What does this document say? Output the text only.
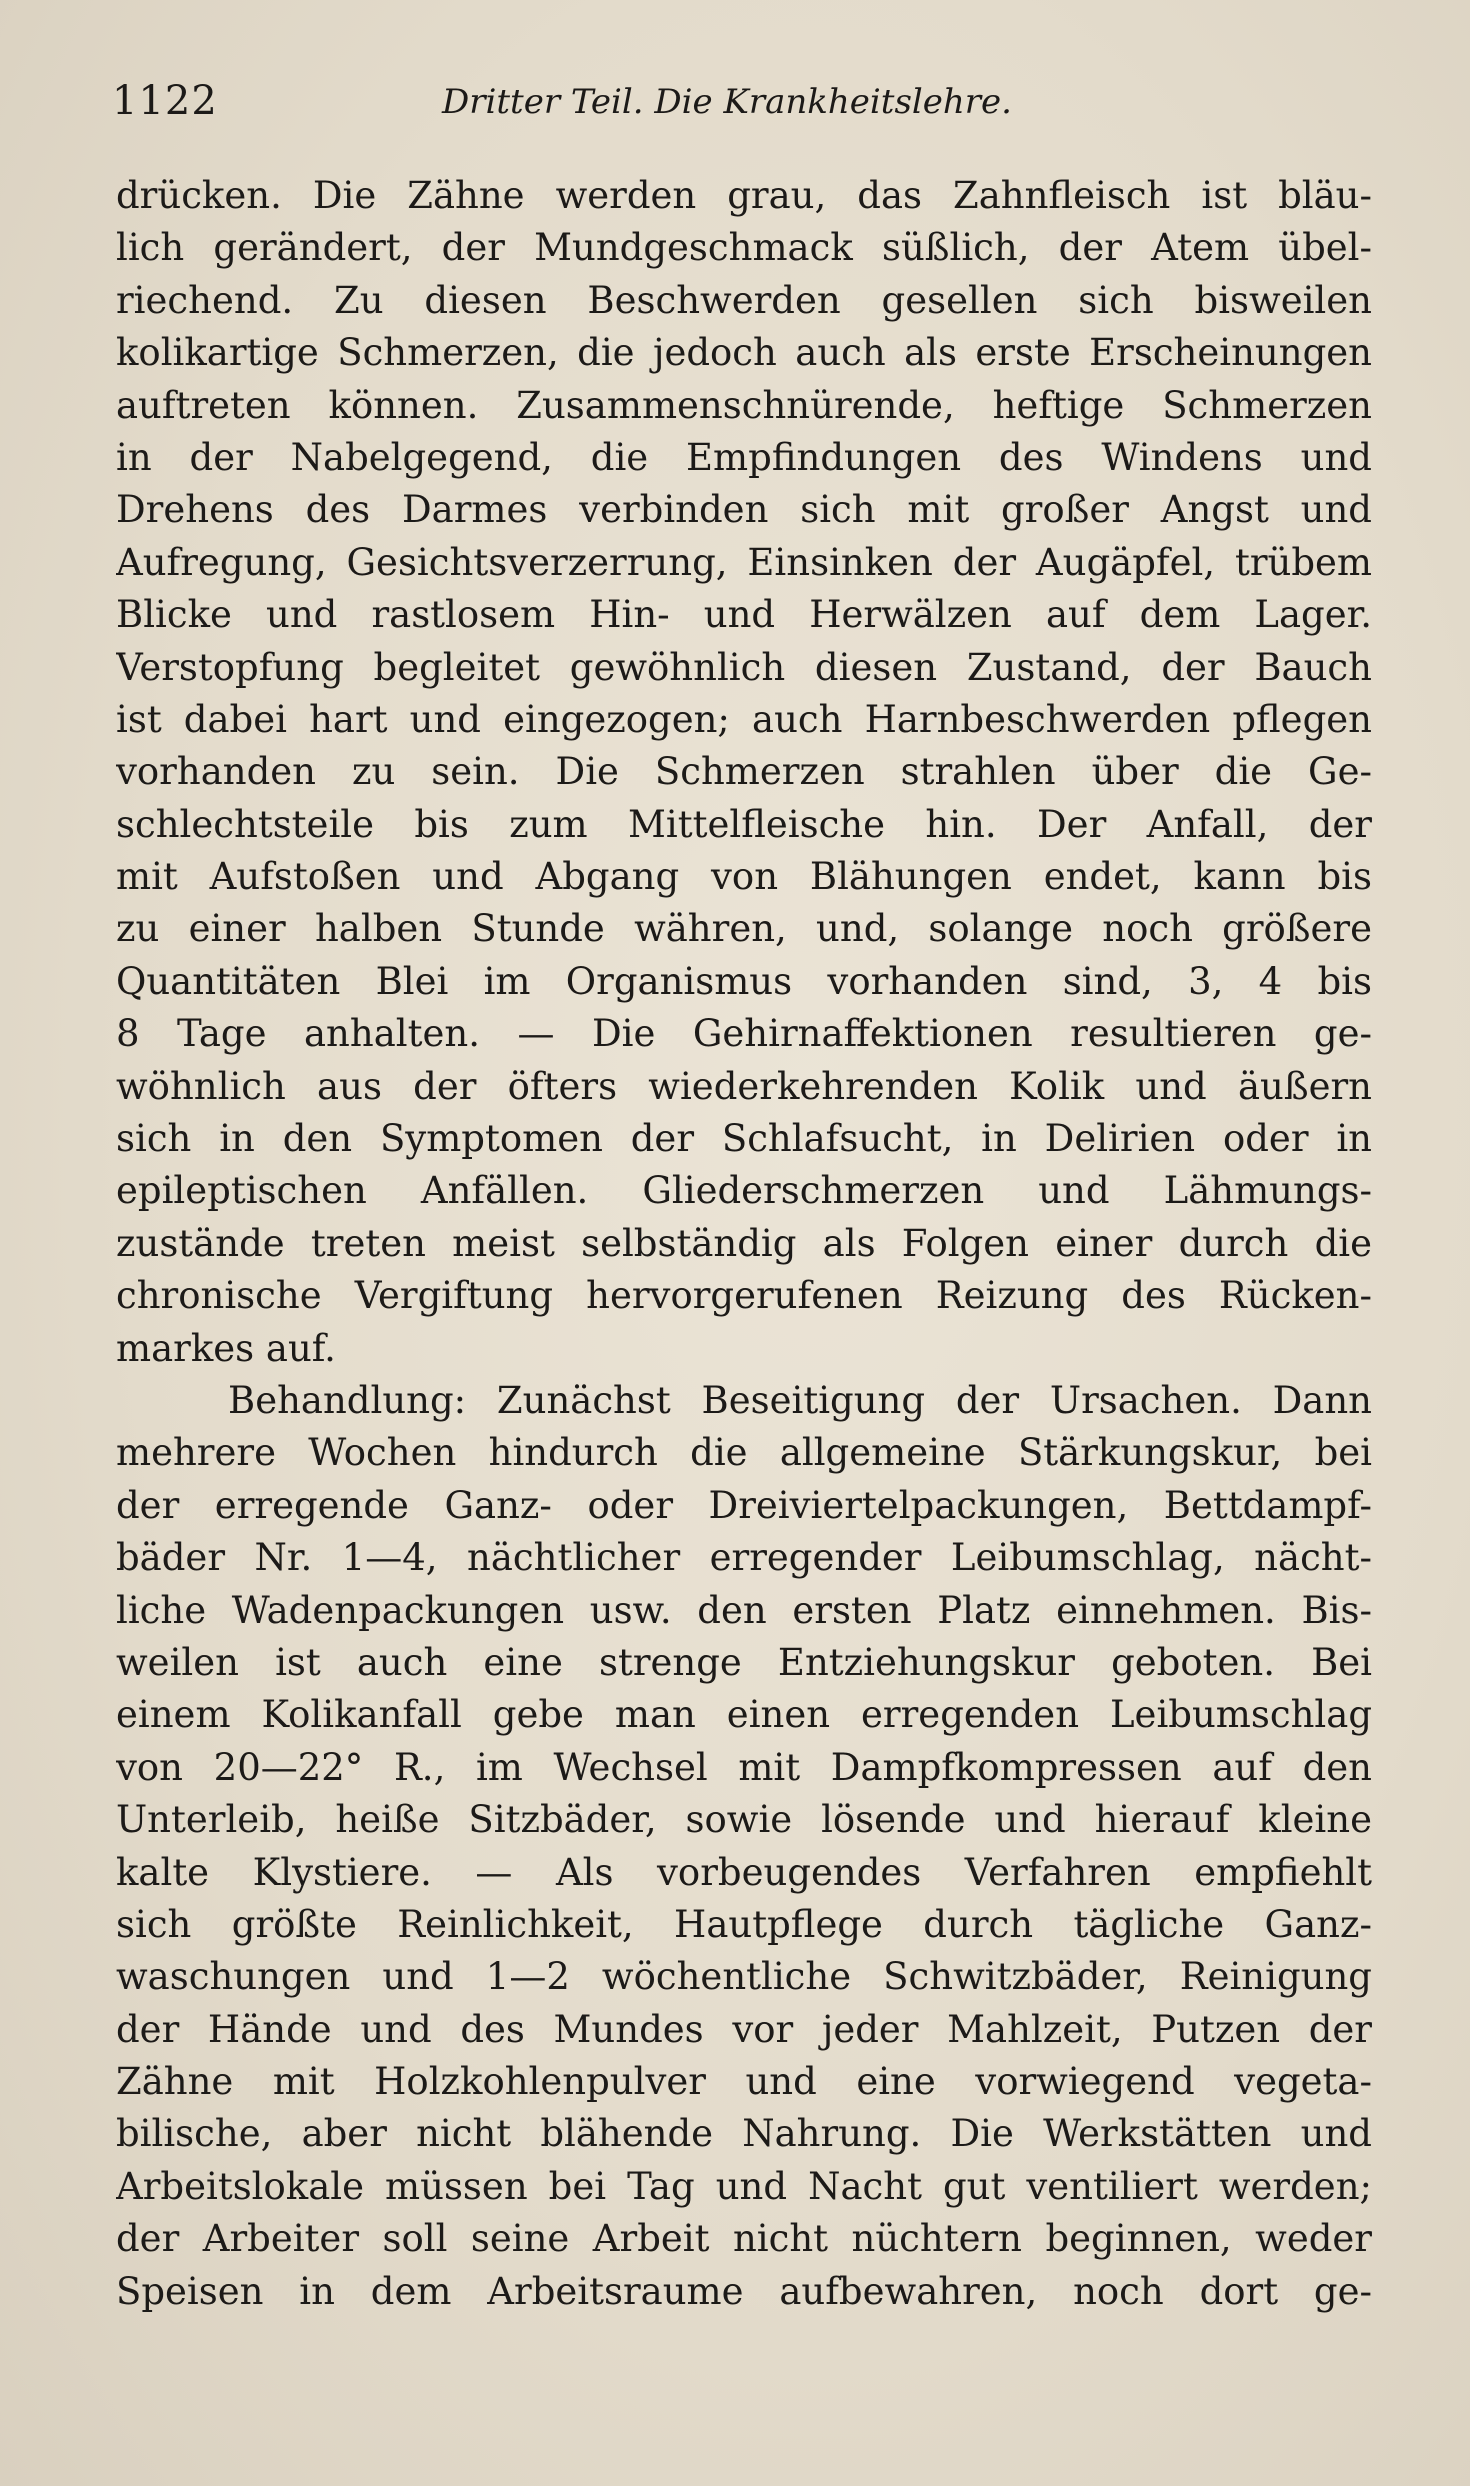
1122	Dritter Teil. Die Krankheitslehre.
drücken. Die Zähne werden grau, das Zahnfleisch ist bläu-
lich gerändert, der Mundgeschmack süßlich, der Atem übel-
riechend. Zu diesen Beschwerden gesellen sich bisweilen
kolikartige Schmerzen, die jedoch auch als erste Erscheinungen
auftreten können. Zusammenschnürende, heftige Schmerzen
in der Nabelgegend, die Empfindungen des Windens und
Drehens des Darmes verbinden sich mit großer Angst und
Aufregung, Gesichtsverzerrung, Einsinken der Augäpfel, trübem
Blicke und rastlosem Hin- und Herwälzen auf dem Lager.
Verstopfung begleitet gewöhnlich diesen Zustand, der Bauch
ist dabei hart und eingezogen; auch Harnbeschwerden pflegen
vorhanden zu sein. Die Schmerzen strahlen über die Ge-
schlechtsteile bis zum Mittelfleische hin. Der Anfall, der
mit Aufstoßen und Abgang von Blähungen endet, kann bis
zu einer halben Stunde währen, und, solange noch größere
Quantitäten Blei im Organismus vorhanden sind, 3, 4 bis
8 Tage anhalten. — Die Gehirnaffektionen resultieren ge-
wöhnlich aus der öfters wiederkehrenden Kolik und äußern
sich in den Symptomen der Schlafsucht, in Delirien oder in
epileptischen Anfällen. Gliederschmerzen und Lähmungs-
zustände treten meist selbständig als Folgen einer durch die
chronische Vergiftung hervorgerufenen Reizung des Rücken-
markes auf.
Behandlung: Zunächst Beseitigung der Ursachen. Dann
mehrere Wochen hindurch die allgemeine Stärkungskur, bei
der erregende Ganz- oder Dreiviertelpackungen, Bettdampf-
bäder Nr. 1—4, nächtlicher erregender Leibumschlag, nächt-
liche Wadenpackungen usw. den ersten Platz einnehmen. Bis-
weilen ist auch eine strenge Entziehungskur geboten. Bei
einem Kolikanfall gebe man einen erregenden Leibumschlag
von 20—22° R., im Wechsel mit Dampfkompressen auf den
Unterleib, heiße Sitzbäder, sowie lösende und hierauf kleine
kalte Klystiere. — Als vorbeugendes Verfahren empfiehlt
sich größte Reinlichkeit, Hautpflege durch tägliche Ganz-
waschungen und 1—2 wöchentliche Schwitzbäder, Reinigung
der Hände und des Mundes vor jeder Mahlzeit, Putzen der
Zähne mit Holzkohlenpulver und eine vorwiegend vegeta-
bilische, aber nicht blähende Nahrung. Die Werkstätten und
Arbeitslokale müssen bei Tag und Nacht gut ventiliert werden;
der Arbeiter soll seine Arbeit nicht nüchtern beginnen, weder
Speisen in dem Arbeitsraume aufbewahren, noch dort ge-
